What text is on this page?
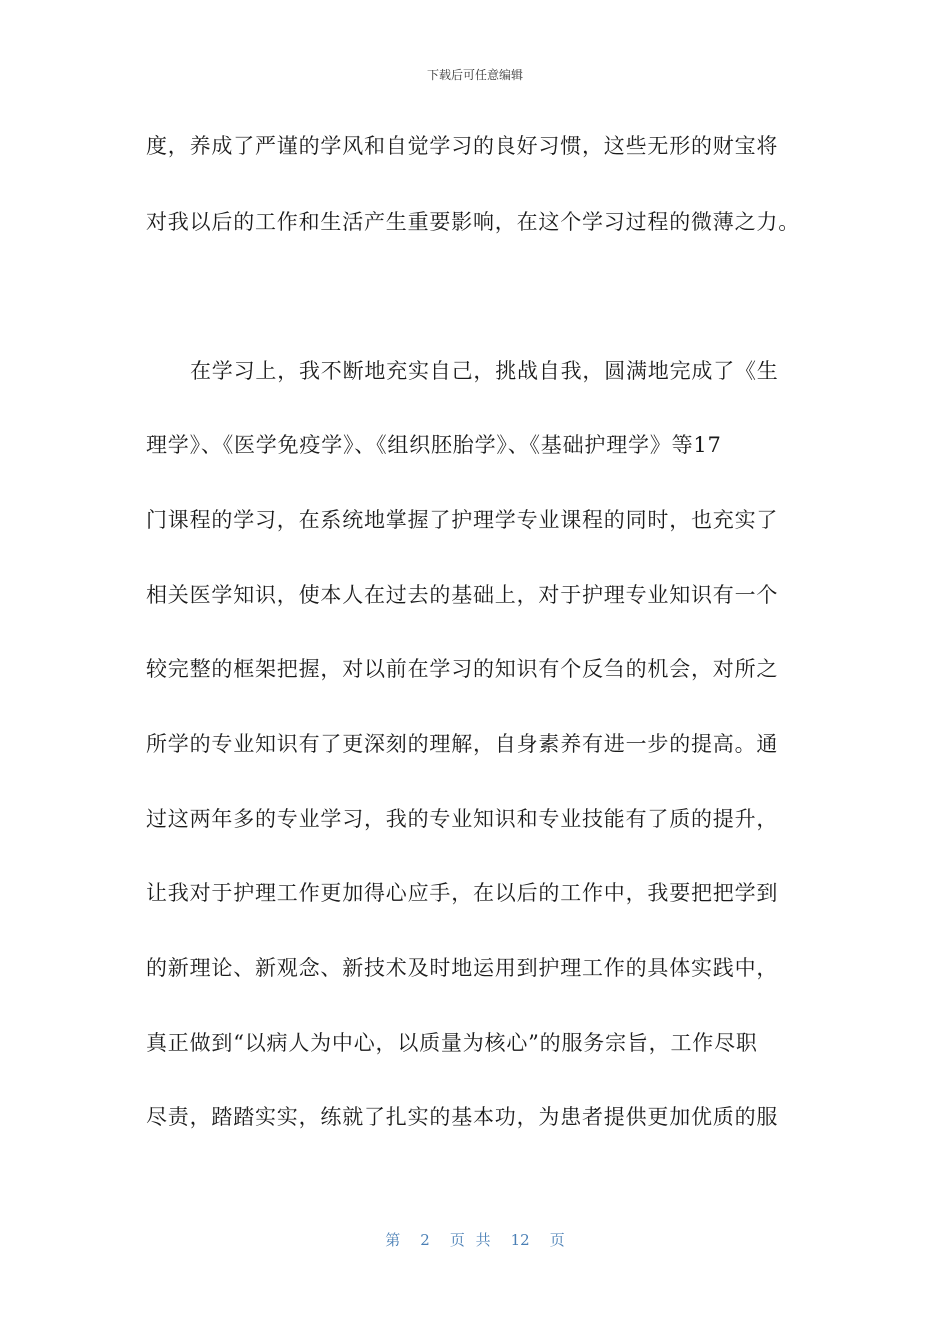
下载后可任意编辑
度，养成了严谨的学风和自觉学习的良好习惯，这些无形的财宝将
对我以后的工作和生活产生重要影响，在这个学习过程的微薄之力。
在学习上，我不断地充实自己，挑战自我，圆满地完成了《生
理学》、《医学免疫学》、《组织胚胎学》、《基础护理学》等17
门课程的学习，在系统地掌握了护理学专业课程的同时，也充实了
相关医学知识，使本人在过去的基础上，对于护理专业知识有一个
较完整的框架把握，对以前在学习的知识有个反刍的机会，对所之
所学的专业知识有了更深刻的理解，自身素养有进一步的提高。通
过这两年多的专业学习，我的专业知识和专业技能有了质的提升，
让我对于护理工作更加得心应手，在以后的工作中，我要把把学到
的新理论、新观念、新技术及时地运用到护理工作的具体实践中，
真正做到“以病人为中心，以质量为核心”的服务宗旨，工作尽职
尽责，踏踏实实，练就了扎实的基本功，为患者提供更加优质的服
第 2 页 共 12 页
